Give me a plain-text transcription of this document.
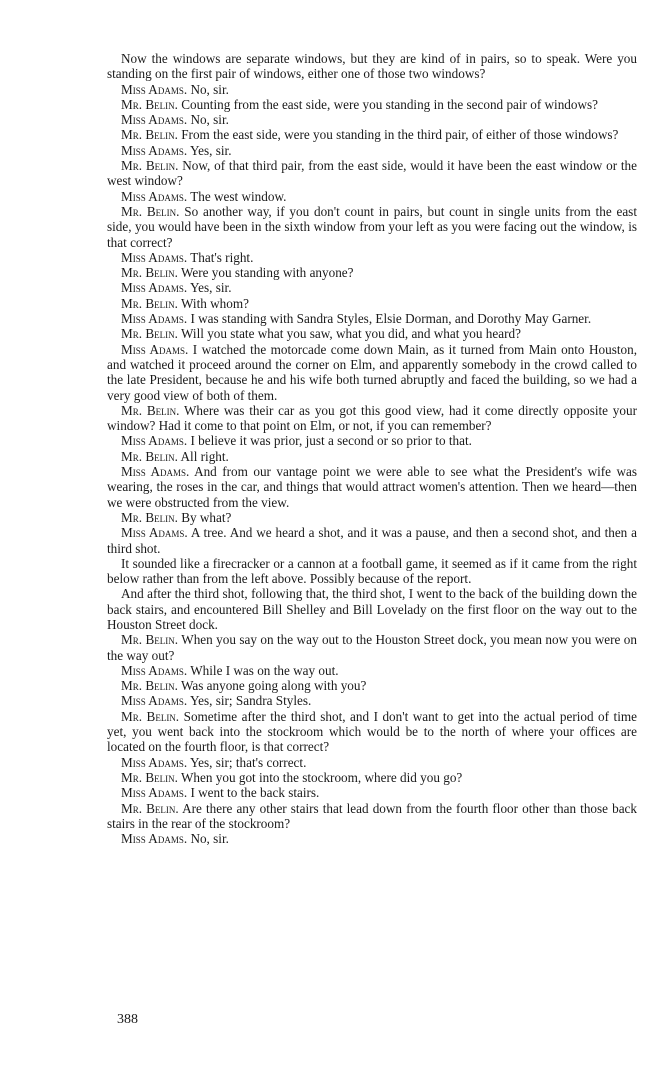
Now the windows are separate windows, but they are kind of in pairs, so to speak. Were you standing on the first pair of windows, either one of those two windows?

Miss Adams. No, sir.

Mr. Belin. Counting from the east side, were you standing in the second pair of windows?

Miss Adams. No, sir.

Mr. Belin. From the east side, were you standing in the third pair, of either of those windows?

Miss Adams. Yes, sir.

Mr. Belin. Now, of that third pair, from the east side, would it have been the east window or the west window?

Miss Adams. The west window.

Mr. Belin. So another way, if you don't count in pairs, but count in single units from the east side, you would have been in the sixth window from your left as you were facing out the window, is that correct?

Miss Adams. That's right.

Mr. Belin. Were you standing with anyone?

Miss Adams. Yes, sir.

Mr. Belin. With whom?

Miss Adams. I was standing with Sandra Styles, Elsie Dorman, and Dorothy May Garner.

Mr. Belin. Will you state what you saw, what you did, and what you heard?

Miss Adams. I watched the motorcade come down Main, as it turned from Main onto Houston, and watched it proceed around the corner on Elm, and apparently somebody in the crowd called to the late President, because he and his wife both turned abruptly and faced the building, so we had a very good view of both of them.

Mr. Belin. Where was their car as you got this good view, had it come directly opposite your window? Had it come to that point on Elm, or not, if you can remember?

Miss Adams. I believe it was prior, just a second or so prior to that.

Mr. Belin. All right.

Miss Adams. And from our vantage point we were able to see what the President's wife was wearing, the roses in the car, and things that would attract women's attention. Then we heard—then we were obstructed from the view.

Mr. Belin. By what?

Miss Adams. A tree. And we heard a shot, and it was a pause, and then a second shot, and then a third shot.

It sounded like a firecracker or a cannon at a football game, it seemed as if it came from the right below rather than from the left above. Possibly because of the report.

And after the third shot, following that, the third shot, I went to the back of the building down the back stairs, and encountered Bill Shelley and Bill Lovelady on the first floor on the way out to the Houston Street dock.

Mr. Belin. When you say on the way out to the Houston Street dock, you mean now you were on the way out?

Miss Adams. While I was on the way out.

Mr. Belin. Was anyone going along with you?

Miss Adams. Yes, sir; Sandra Styles.

Mr. Belin. Sometime after the third shot, and I don't want to get into the actual period of time yet, you went back into the stockroom which would be to the north of where your offices are located on the fourth floor, is that correct?

Miss Adams. Yes, sir; that's correct.

Mr. Belin. When you got into the stockroom, where did you go?

Miss Adams. I went to the back stairs.

Mr. Belin. Are there any other stairs that lead down from the fourth floor other than those back stairs in the rear of the stockroom?

Miss Adams. No, sir.

388
